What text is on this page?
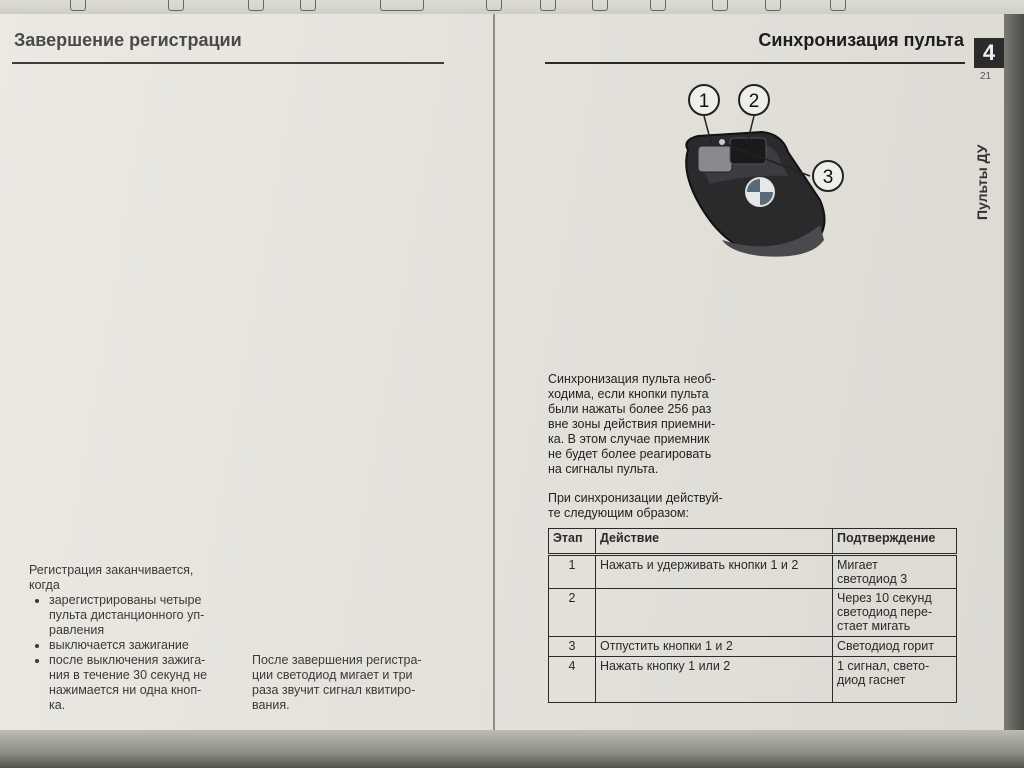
Завершение регистрации
Регистрация заканчивается,
когда
• зарегистрированы четыре
пульта дистанционного уп-
равления
• выключается зажигание
• после выключения зажига-
ния в течение 30 секунд не
нажимается ни одна кноп-
ка.
После завершения регистра-
ции светодиод мигает и три
раза звучит сигнал квитиро-
вания.
Синхронизация пульта 4
21
Пульты ДУ
1 2
3
Синхронизация пульта необ-
ходима, если кнопки пульта
были нажаты более 256 раз
вне зоны действия приемни-
ка. В этом случае приемник
не будет более реагировать
на сигналы пульта.
При синхронизации действуй-
те следующим образом:
Этап	Действие	Подтверждение
1	Нажать и удерживать кнопки 1 и 2	Мигает
светодиод 3

2		Через 10 секунд
светодиод пере-
стает мигать

3	Отпустить кнопки 1 и 2	Светодиод горит

4	Нажать кнопку 1 или 2	1 сигнал, свето-
диод гаснет
